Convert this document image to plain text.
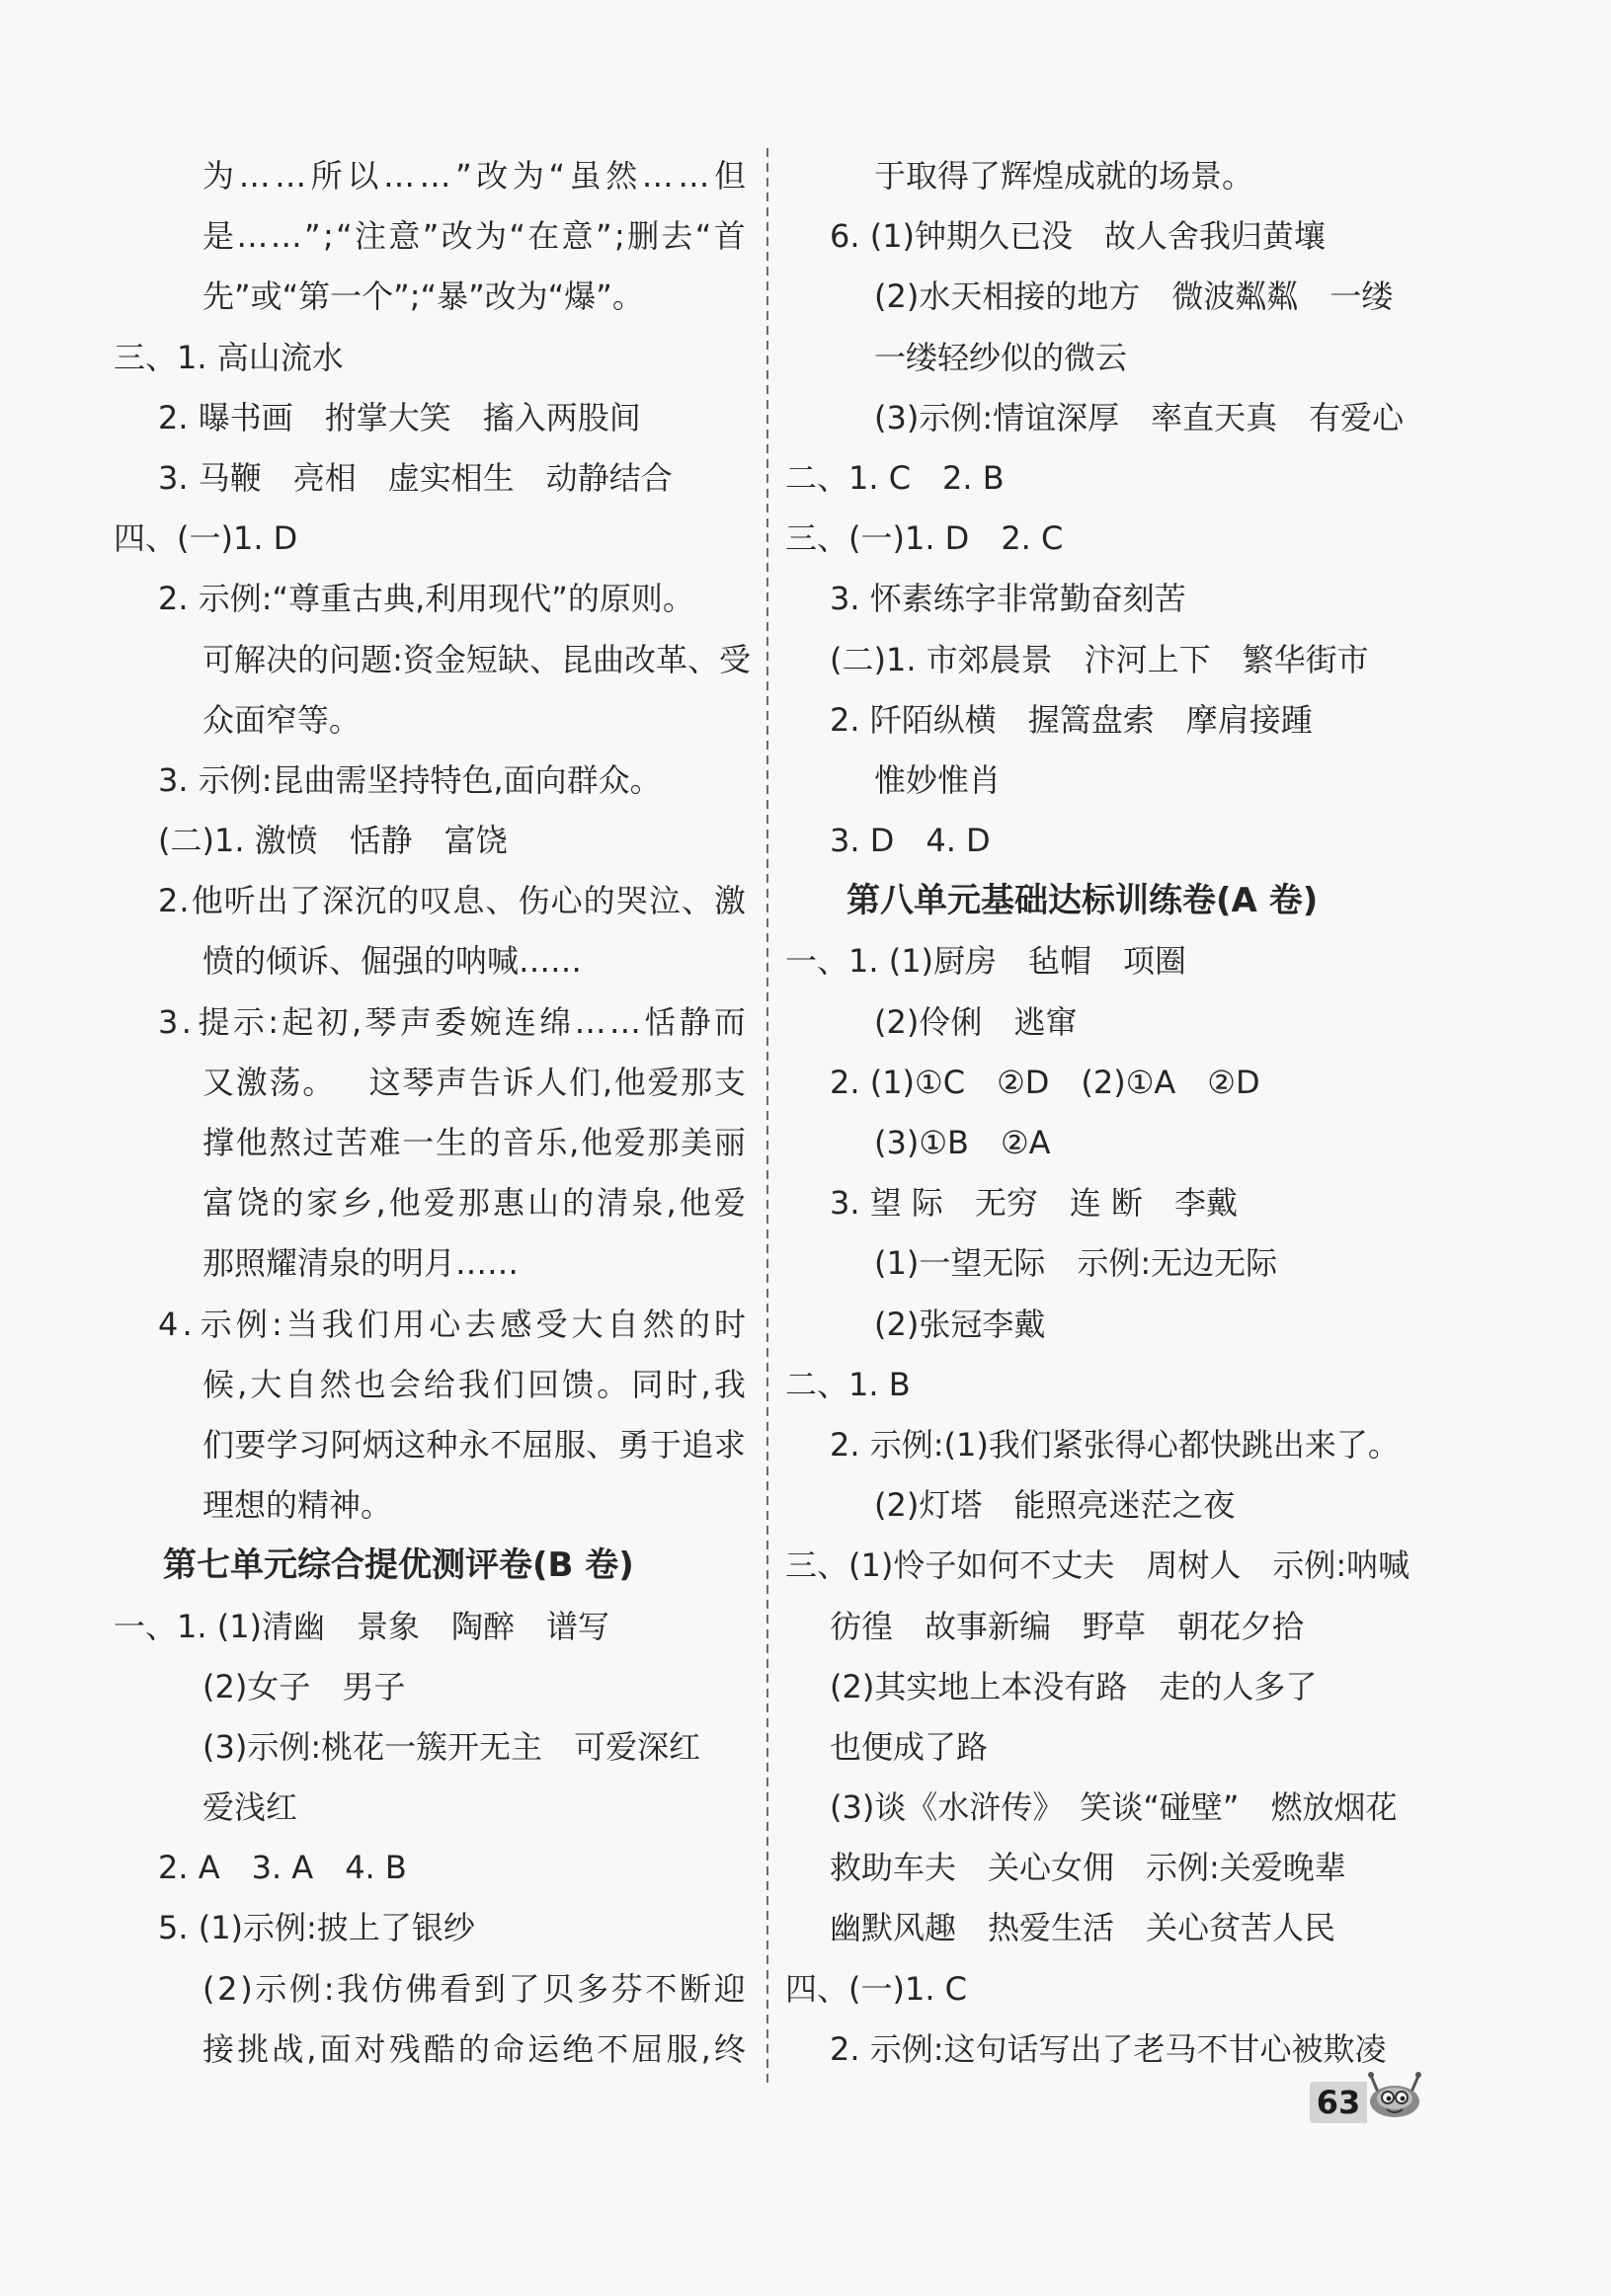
为 … … 所 以 … … ” 改 为 “ 虽 然 … … 但
是 … … ” ; “ 注 意 ” 改 为 “ 在 意 ” ; 删 去 “ 首
先”或“第一个”;“暴”改为“爆”。
三、1. 高山流水
2. 曝书画　拊掌大笑　搐入两股间
3. 马鞭　亮相　虚实相生　动静结合
四、(一)1. D
2. 示例:“尊重古典,利用现代”的原则。
可 解 决 的 问 题 : 资 金 短 缺 、 昆 曲 改 革 、 受
众面窄等。
3. 示例:昆曲需坚持特色,面向群众。
(二)1. 激愤　恬静　富饶
2 . 他 听 出 了 深 沉 的 叹 息 、 伤 心 的 哭 泣 、 激
愤的倾诉、倔强的呐喊……
3 . 提 示 : 起 初 , 琴 声 委 婉 连 绵 … … 恬 静 而
又 激 荡 。
　 这 琴 声 告 诉 人 们 , 他 爱 那 支
撑 他 熬 过 苦 难 一 生 的 音 乐 , 他 爱 那 美 丽
富 饶 的 家 乡 , 他 爱 那 惠 山 的 清 泉 , 他 爱
那照耀清泉的明月……
4 . 示 例 : 当 我 们 用 心 去 感 受 大 自 然 的 时
候 , 大 自 然 也 会 给 我 们 回 馈 。 同 时 , 我
们 要 学 习 阿 炳 这 种 永 不 屈 服 、 勇 于 追 求
理想的精神。
第七单元综合提优测评卷(B 卷)
一、1. (1)清幽　景象　陶醉　谱写
(2)女子　男子
(3)示例:桃花一簇开无主　可爱深红
爱浅红
2. A　3. A　4. B
5. (1)示例:披上了银纱
( 2 ) 示 例 : 我 仿 佛 看 到 了 贝 多 芬 不 断 迎
接 挑 战 , 面 对 残 酷 的 命 运 绝 不 屈 服 , 终
于取得了辉煌成就的场景。
6. (1)钟期久已没　故人舍我归黄壤
(2)水天相接的地方　微波粼粼　一缕
一缕轻纱似的微云
(3)示例:情谊深厚　率直天真　有爱心
二、1. C　2. B
三、(一)1. D　2. C
3. 怀素练字非常勤奋刻苦
(二)1. 市郊晨景　汴河上下　繁华街市
2. 阡陌纵横　握篙盘索　摩肩接踵
惟妙惟肖
3. D　4. D
第八单元基础达标训练卷(A 卷)
一、1. (1)厨房　毡帽　项圈
(2)伶俐　逃窜
2. (1)①C　②D　(2)①A　②D
(3)①B　②A
3. 望 际　无穷　连 断　李戴
(1)一望无际　示例:无边无际
(2)张冠李戴
二、1. B
2. 示例:(1)我们紧张得心都快跳出来了。
(2)灯塔　能照亮迷茫之夜
三、(1)怜子如何不丈夫　周树人　示例:呐喊
彷徨　故事新编　野草　朝花夕拾
(2)其实地上本没有路　走的人多了
也便成了路
(3)谈《水浒传》　笑谈“碰壁”　燃放烟花
救助车夫　关心女佣　示例:关爱晚辈
幽默风趣　热爱生活　关心贫苦人民
四、(一)1. C
2. 示例:这句话写出了老马不甘心被欺凌
63
